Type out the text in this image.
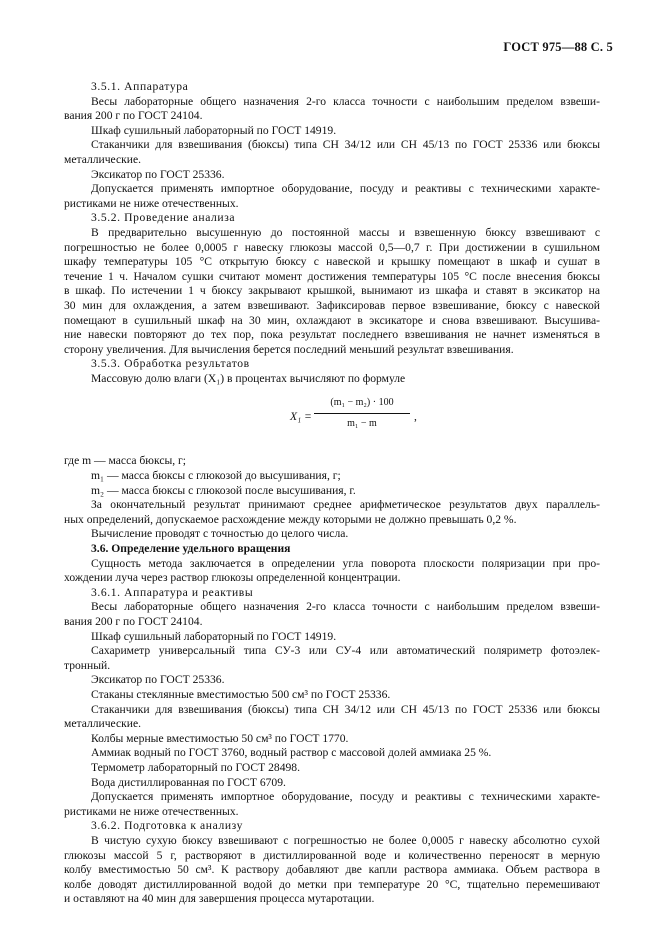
ГОСТ 975—88 С. 5
3.5.1. Аппаратура
Весы лабораторные общего назначения 2-го класса точности с наибольшим пределом взвеши-
вания 200 г по ГОСТ 24104.
Шкаф сушильный лабораторный по ГОСТ 14919.
Стаканчики для взвешивания (бюксы) типа СН 34/12 или СН 45/13 по ГОСТ 25336 или бюксы
металлические.
Эксикатор по ГОСТ 25336.
Допускается применять импортное оборудование, посуду и реактивы с техническими характе-
ристиками не ниже отечественных.
3.5.2. Проведение анализа
В предварительно высушенную до постоянной массы и взвешенную бюксу взвешивают с
погрешностью не более 0,0005 г навеску глюкозы массой 0,5—0,7 г. При достижении в сушильном
шкафу температуры 105 °С открытую бюксу с навеской и крышку помещают в шкаф и сушат в
течение 1 ч. Началом сушки считают момент достижения температуры 105 °С после внесения бюксы
в шкаф. По истечении 1 ч бюксу закрывают крышкой, вынимают из шкафа и ставят в эксикатор на
30 мин для охлаждения, а затем взвешивают. Зафиксировав первое взвешивание, бюксу с навеской
помещают в сушильный шкаф на 30 мин, охлаждают в эксикаторе и снова взвешивают. Высушива-
ние навески повторяют до тех пор, пока результат последнего взвешивания не начнет изменяться в
сторону увеличения. Для вычисления берется последний меньший результат взвешивания.
3.5.3. Обработка результатов
Массовую долю влаги (X₁) в процентах вычисляют по формуле
$X_1 = \frac{\text{(m₁ − m₂) · 100}}{\text{m₁ − m}}$ ,
где m — масса бюксы, г;
m₁ — масса бюксы с глюкозой до высушивания, г;
m₂ — масса бюксы с глюкозой после высушивания, г.
За окончательный результат принимают среднее арифметическое результатов двух параллель-
ных определений, допускаемое расхождение между которыми не должно превышать 0,2 %.
Вычисление проводят с точностью до целого числа.
3.6. Определение удельного вращения
Сущность метода заключается в определении угла поворота плоскости поляризации при про-
хождении луча через раствор глюкозы определенной концентрации.
3.6.1. Аппаратура и реактивы
Весы лабораторные общего назначения 2-го класса точности с наибольшим пределом взвеши-
вания 200 г по ГОСТ 24104.
Шкаф сушильный лабораторный по ГОСТ 14919.
Сахариметр универсальный типа СУ-3 или СУ-4 или автоматический поляриметр фотоэлек-
тронный.
Эксикатор по ГОСТ 25336.
Стаканы стеклянные вместимостью 500 см³ по ГОСТ 25336.
Стаканчики для взвешивания (бюксы) типа СН 34/12 или СН 45/13 по ГОСТ 25336 или бюксы
металлические.
Колбы мерные вместимостью 50 см³ по ГОСТ 1770.
Аммиак водный по ГОСТ 3760, водный раствор с массовой долей аммиака 25 %.
Термометр лабораторный по ГОСТ 28498.
Вода дистиллированная по ГОСТ 6709.
Допускается применять импортное оборудование, посуду и реактивы с техническими характе-
ристиками не ниже отечественных.
3.6.2. Подготовка к анализу
В чистую сухую бюксу взвешивают с погрешностью не более 0,0005 г навеску абсолютно сухой
глюкозы массой 5 г, растворяют в дистиллированной воде и количественно переносят в мерную
колбу вместимостью 50 см³. К раствору добавляют две капли раствора аммиака. Объем раствора в
колбе доводят дистиллированной водой до метки при температуре 20 °С, тщательно перемешивают
и оставляют на 40 мин для завершения процесса мутаротации.
